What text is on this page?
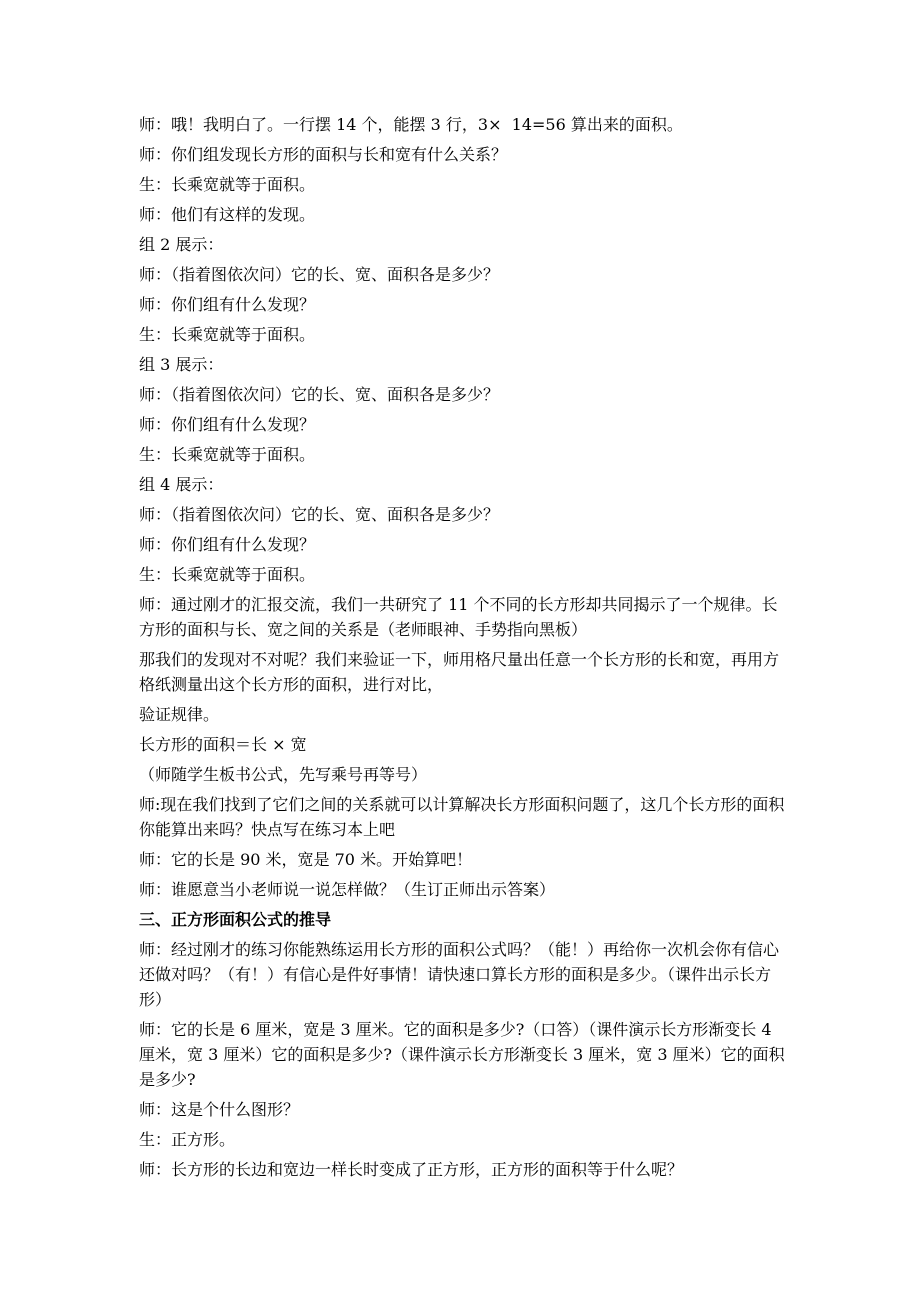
师：哦！我明白了。一行摆 14 个，能摆 3 行，3×  14=56 算出来的面积。

师：你们组发现长方形的面积与长和宽有什么关系？

生：长乘宽就等于面积。

师：他们有这样的发现。

组 2 展示：

师：（指着图依次问）它的长、宽、面积各是多少？

师：你们组有什么发现？

生：长乘宽就等于面积。

组 3 展示：

师：（指着图依次问）它的长、宽、面积各是多少？

师：你们组有什么发现？

生：长乘宽就等于面积。

组 4 展示：

师：（指着图依次问）它的长、宽、面积各是多少？

师：你们组有什么发现？

生：长乘宽就等于面积。

师：通过刚才的汇报交流，我们一共研究了 11 个不同的长方形却共同揭示了一个规律。长方形的面积与长、宽之间的关系是（老师眼神、手势指向黑板）

那我们的发现对不对呢？我们来验证一下，师用格尺量出任意一个长方形的长和宽，再用方格纸测量出这个长方形的面积，进行对比，

验证规律。

长方形的面积＝长 × 宽

（师随学生板书公式，先写乘号再等号）

师:现在我们找到了它们之间的关系就可以计算解决长方形面积问题了，这几个长方形的面积你能算出来吗？快点写在练习本上吧

师：它的长是 90 米，宽是 70 米。开始算吧！

师：谁愿意当小老师说一说怎样做？（生订正师出示答案）

三、正方形面积公式的推导

师：经过刚才的练习你能熟练运用长方形的面积公式吗？（能！）再给你一次机会你有信心还做对吗？（有！）有信心是件好事情！请快速口算长方形的面积是多少。（课件出示长方形）

师：它的长是 6 厘米，宽是 3 厘米。它的面积是多少?（口答）（课件演示长方形渐变长 4 厘米，宽 3 厘米）它的面积是多少?（课件演示长方形渐变长 3 厘米，宽 3 厘米）它的面积是多少?

师：这是个什么图形？

生：正方形。

师：长方形的长边和宽边一样长时变成了正方形，正方形的面积等于什么呢？
